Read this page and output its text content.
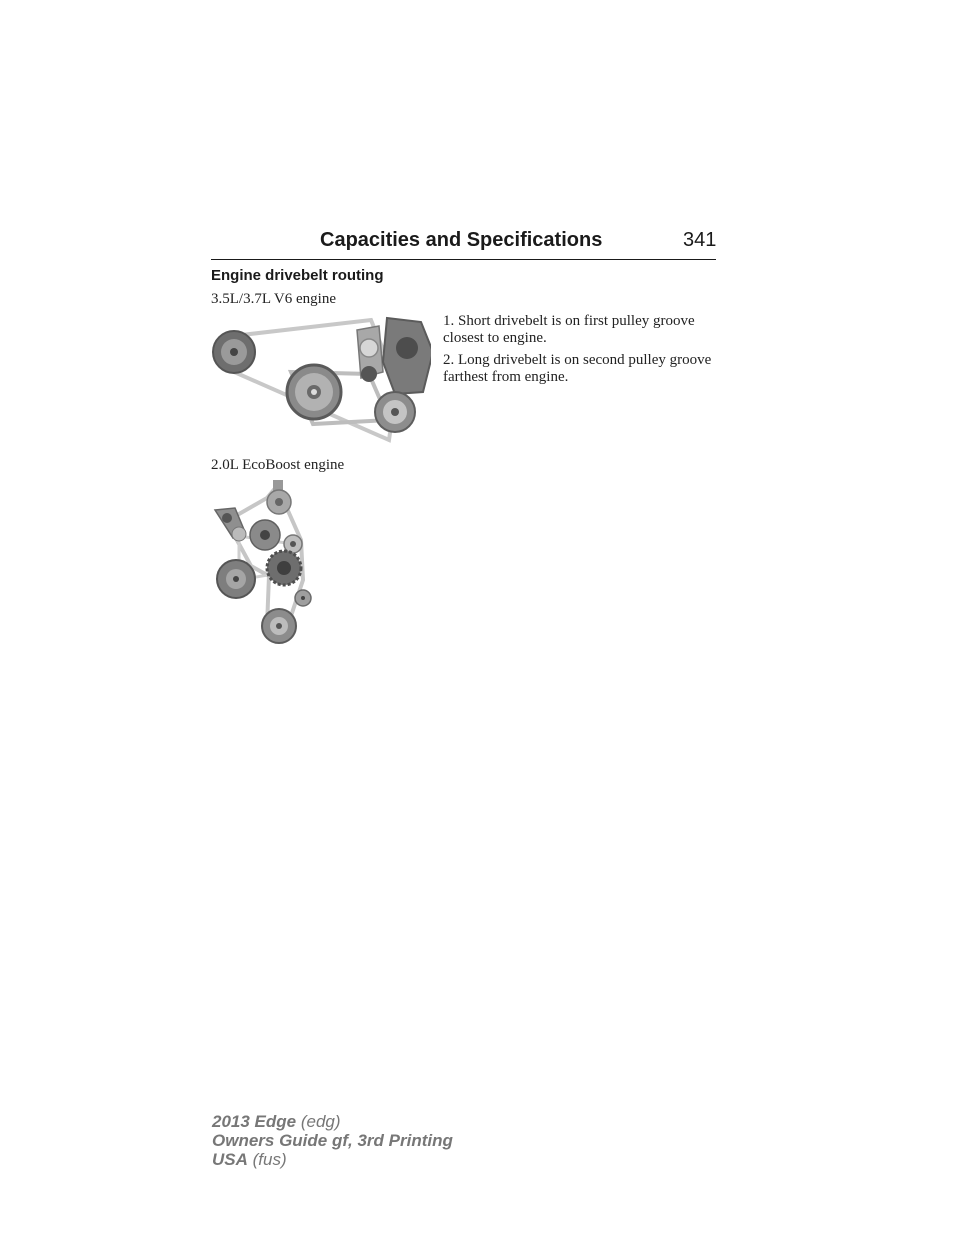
Capacities and Specifications	341
Engine drivebelt routing
3.5L/3.7L V6 engine

1. Short drivebelt is on first pulley groove closest to engine.

2. Long drivebelt is on second pulley groove farthest from engine.

2.0L EcoBoost engine
2013 Edge (edg)
Owners Guide gf, 3rd Printing
USA (fus)
